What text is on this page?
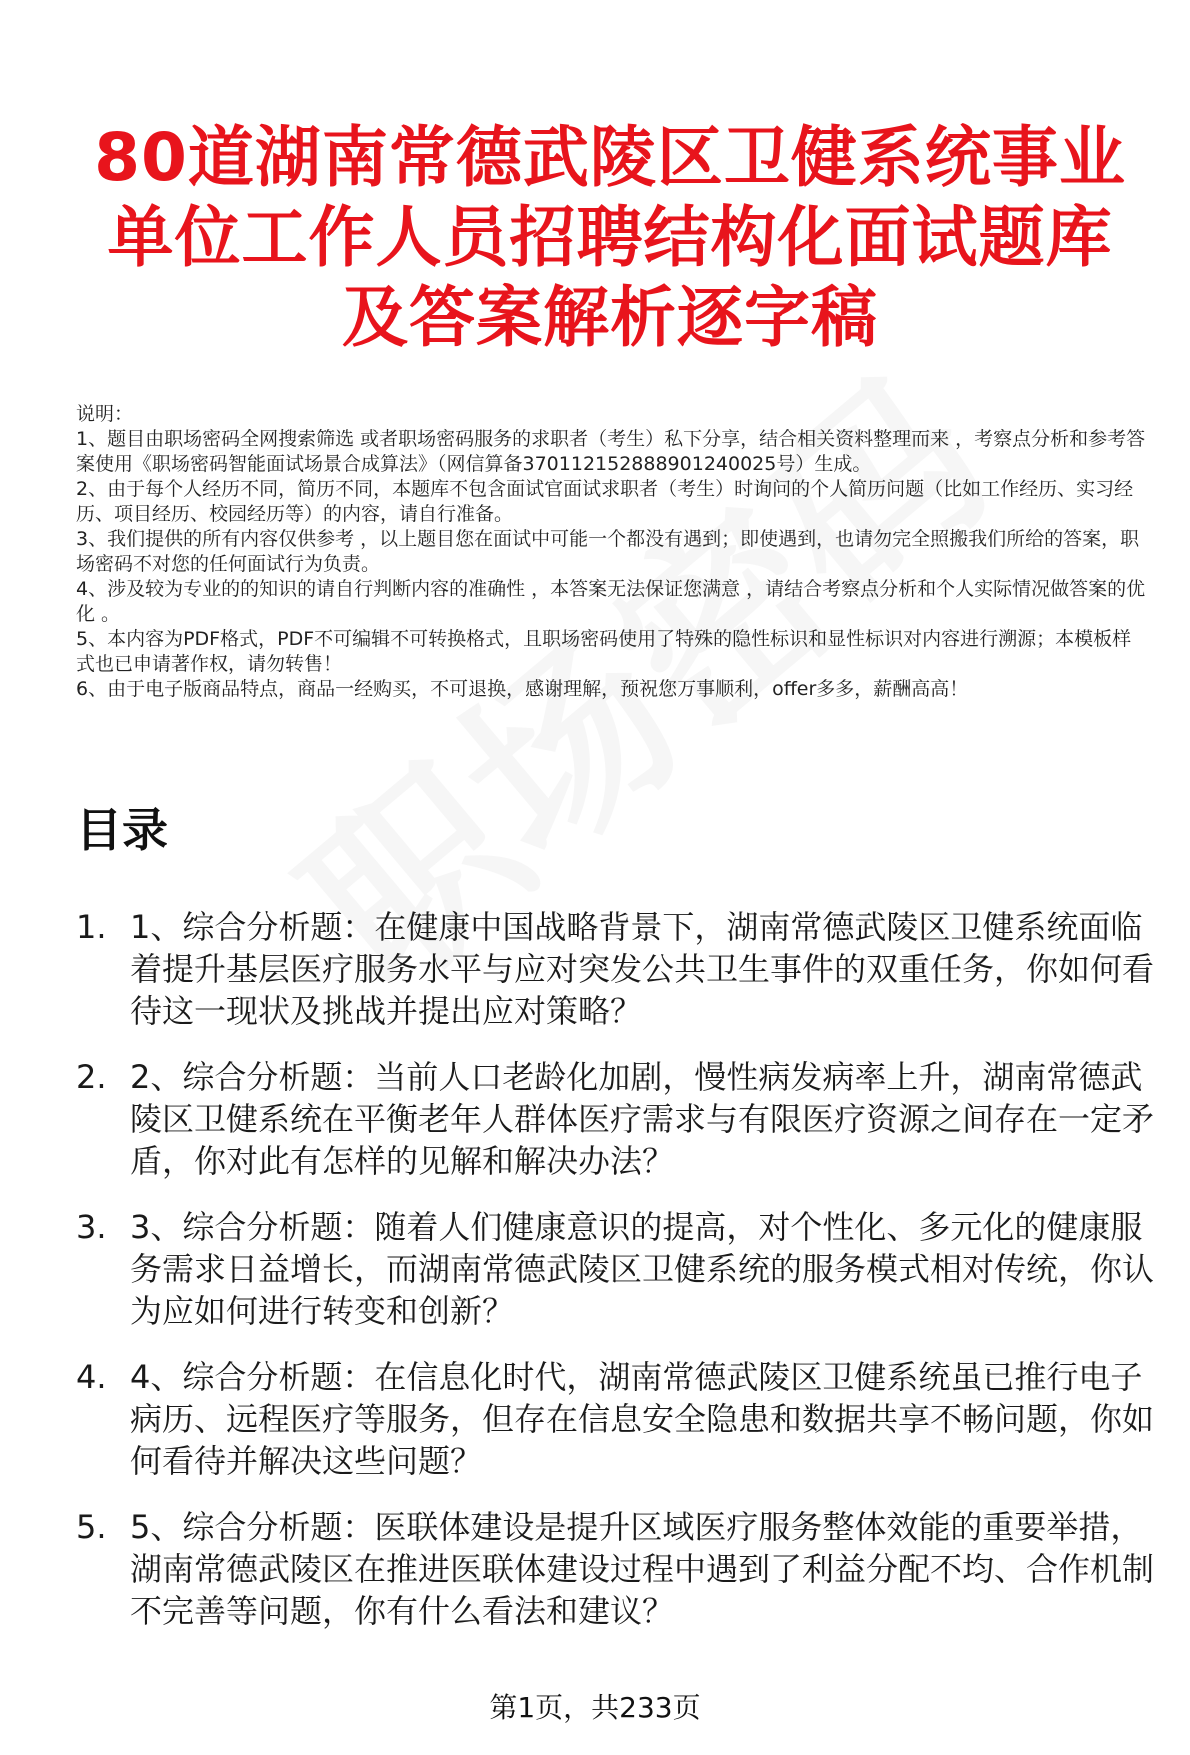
80道湖南常德武陵区卫健系统事业单位工作人员招聘结构化面试题库及答案解析逐字稿

说明：

1、题目由职场密码全网搜索筛选 或者职场密码服务的求职者（考生）私下分享，结合相关资料整理而来 ，考察点分析和参考答案使用《职场密码智能面试场景合成算法》（网信算备370112152888901240025号）生成。

2、由于每个人经历不同，简历不同，本题库不包含面试官面试求职者（考生）时询问的个人简历问题（比如工作经历、实习经历、项目经历、校园经历等）的内容，请自行准备。

3、我们提供的所有内容仅供参考 ，以上题目您在面试中可能一个都没有遇到；即使遇到，也请勿完全照搬我们所给的答案，职场密码不对您的任何面试行为负责。

4、涉及较为专业的的知识的请自行判断内容的准确性 ，本答案无法保证您满意 ，请结合考察点分析和个人实际情况做答案的优化 。

5、本内容为PDF格式，PDF不可编辑不可转换格式，且职场密码使用了特殊的隐性标识和显性标识对内容进行溯源；本模板样式也已申请著作权，请勿转售！

6、由于电子版商品特点，商品一经购买，不可退换，感谢理解，预祝您万事顺利，offer多多，薪酬高高！

目录
1. 1、综合分析题：在健康中国战略背景下，湖南常德武陵区卫健系统面临着提升基层医疗服务水平与应对突发公共卫生事件的双重任务，你如何看待这一现状及挑战并提出应对策略？
2. 2、综合分析题：当前人口老龄化加剧，慢性病发病率上升，湖南常德武陵区卫健系统在平衡老年人群体医疗需求与有限医疗资源之间存在一定矛盾，你对此有怎样的见解和解决办法？
3. 3、综合分析题：随着人们健康意识的提高，对个性化、多元化的健康服务需求日益增长，而湖南常德武陵区卫健系统的服务模式相对传统，你认为应如何进行转变和创新？
4. 4、综合分析题：在信息化时代，湖南常德武陵区卫健系统虽已推行电子病历、远程医疗等服务，但存在信息安全隐患和数据共享不畅问题，你如何看待并解决这些问题？
5. 5、综合分析题：医联体建设是提升区域医疗服务整体效能的重要举措，湖南常德武陵区在推进医联体建设过程中遇到了利益分配不均、合作机制不完善等问题，你有什么看法和建议？
第1页，共233页
